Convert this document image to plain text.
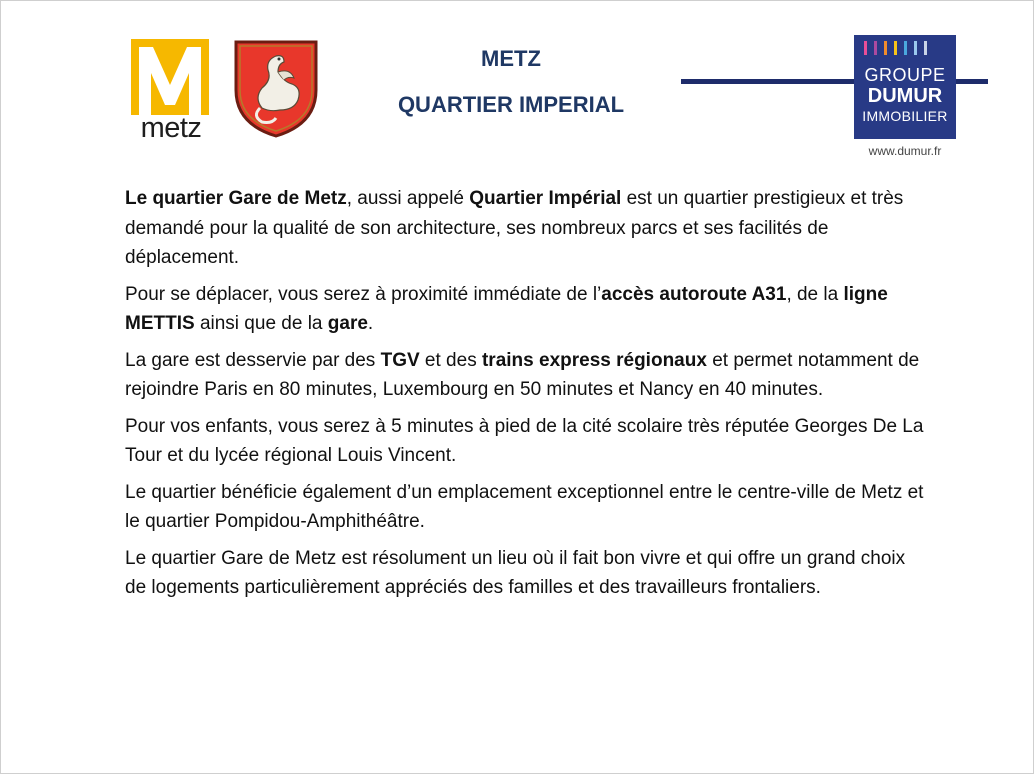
metz
METZ
QUARTIER IMPERIAL
GROUPE
DUMUR
IMMOBILIER
www.dumur.fr

Le quartier Gare de Metz, aussi appelé Quartier Impérial est un quartier prestigieux et très demandé pour la qualité de son architecture, ses nombreux parcs et ses facilités de déplacement.

Pour se déplacer, vous serez à proximité immédiate de l’accès autoroute A31, de la ligne METTIS ainsi que de la gare.

La gare est desservie par des TGV et des trains express régionaux et permet notamment de rejoindre Paris en 80 minutes, Luxembourg en 50 minutes et Nancy en 40 minutes.

Pour vos enfants, vous serez à 5 minutes à pied de la cité scolaire très réputée Georges De La Tour et du lycée régional Louis Vincent.

Le quartier bénéficie également d’un emplacement exceptionnel entre le centre-ville de Metz et le quartier Pompidou-Amphithéâtre.

Le quartier Gare de Metz est résolument un lieu où il fait bon vivre et qui offre un grand choix de logements particulièrement appréciés des familles et des travailleurs frontaliers.
